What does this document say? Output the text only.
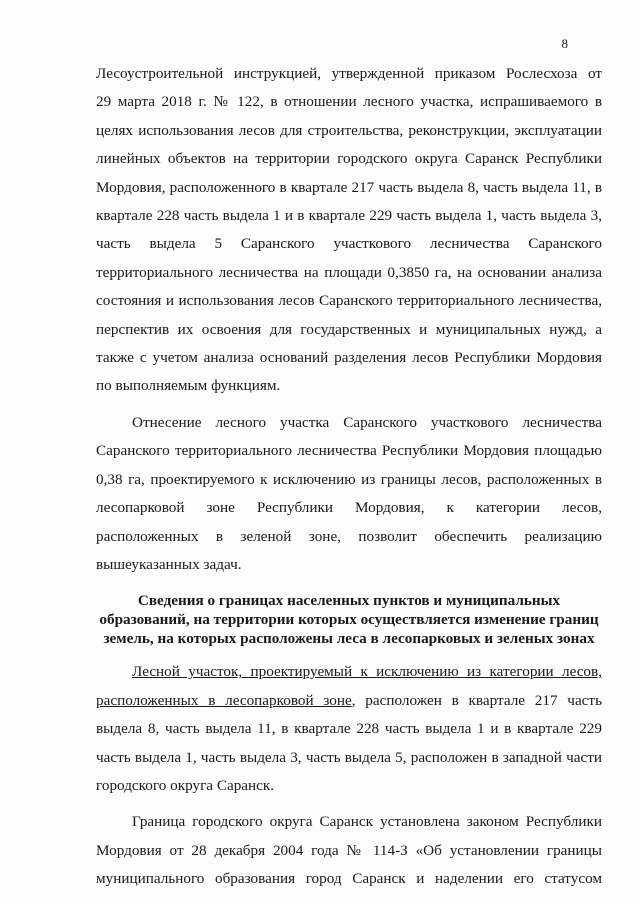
8
Лесоустроительной инструкцией, утвержденной приказом Рослесхоза от
29 марта 2018 г. № 122, в отношении лесного участка, испрашиваемого в
целях использования лесов для строительства, реконструкции, эксплуатации
линейных объектов на территории городского округа Саранск Республики
Мордовия, расположенного в квартале 217 часть выдела 8, часть выдела 11, в
квартале 228 часть выдела 1 и в квартале 229 часть выдела 1, часть выдела 3,
часть выдела 5 Саранского участкового лесничества Саранского
территориального лесничества на площади 0,3850 га, на основании анализа
состояния и использования лесов Саранского территориального лесничества,
перспектив их освоения для государственных и муниципальных нужд, а
также с учетом анализа оснований разделения лесов Республики Мордовия
по выполняемым функциям.
Отнесение лесного участка Саранского участкового лесничества
Саранского территориального лесничества Республики Мордовия площадью
0,38 га, проектируемого к исключению из границы лесов, расположенных в
лесопарковой зоне Республики Мордовия, к категории лесов,
расположенных в зеленой зоне, позволит обеспечить реализацию
вышеуказанных задач.
Сведения о границах населенных пунктов и муниципальных
образований, на территории которых осуществляется изменение границ
земель, на которых расположены леса в лесопарковых и зеленых зонах
Лесной участок, проектируемый к исключению из категории лесов,
расположенных в лесопарковой зоне, расположен в квартале 217 часть
выдела 8, часть выдела 11, в квартале 228 часть выдела 1 и в квартале 229
часть выдела 1, часть выдела 3, часть выдела 5, расположен в западной части
городского округа Саранск.
Граница городского округа Саранск установлена законом Республики
Мордовия от 28 декабря 2004 года № 114-З «Об установлении границы
муниципального образования город Саранск и наделении его статусом
